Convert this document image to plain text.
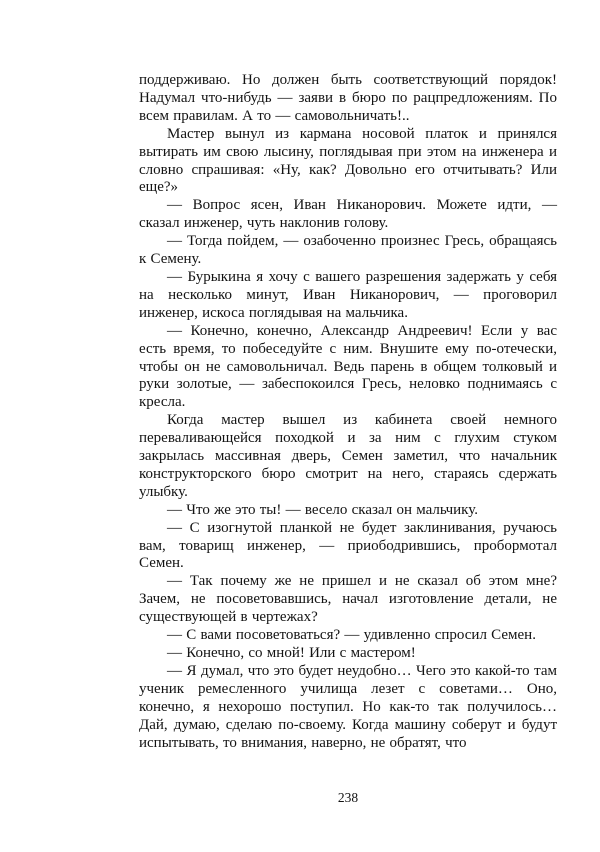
поддерживаю. Но должен быть соответствующий порядок! Надумал что-нибудь — заяви в бюро по рацпредложениям. По всем правилам. А то — самовольничать!..

Мастер вынул из кармана носовой платок и принялся вытирать им свою лысину, поглядывая при этом на инженера и словно спрашивая: «Ну, как? Довольно его отчитывать? Или еще?»

— Вопрос ясен, Иван Никанорович. Можете идти, — сказал инженер, чуть наклонив голову.

— Тогда пойдем, — озабоченно произнес Гресь, обращаясь к Семену.

— Бурыкина я хочу с вашего разрешения задержать у себя на несколько минут, Иван Никанорович, — проговорил инженер, искоса поглядывая на мальчика.

— Конечно, конечно, Александр Андреевич! Если у вас есть время, то побеседуйте с ним. Внушите ему по-отечески, чтобы он не самовольничал. Ведь парень в общем толковый и руки золотые, — забеспокоился Гресь, неловко поднимаясь с кресла.

Когда мастер вышел из кабинета своей немного переваливающейся походкой и за ним с глухим стуком закрылась массивная дверь, Семен заметил, что начальник конструкторского бюро смотрит на него, стараясь сдержать улыбку.

— Что же это ты! — весело сказал он мальчику.

— С изогнутой планкой не будет заклинивания, ручаюсь вам, товарищ инженер, — приободрившись, пробормотал Семен.

— Так почему же не пришел и не сказал об этом мне? Зачем, не посоветовавшись, начал изготовление детали, не существующей в чертежах?

— С вами посоветоваться? — удивленно спросил Семен.

— Конечно, со мной! Или с мастером!

— Я думал, что это будет неудобно… Чего это какой-то там ученик ремесленного училища лезет с советами… Оно, конечно, я нехорошо поступил. Но как-то так получилось… Дай, думаю, сделаю по-своему. Когда машину соберут и будут испытывать, то внимания, наверно, не обратят, что

238
